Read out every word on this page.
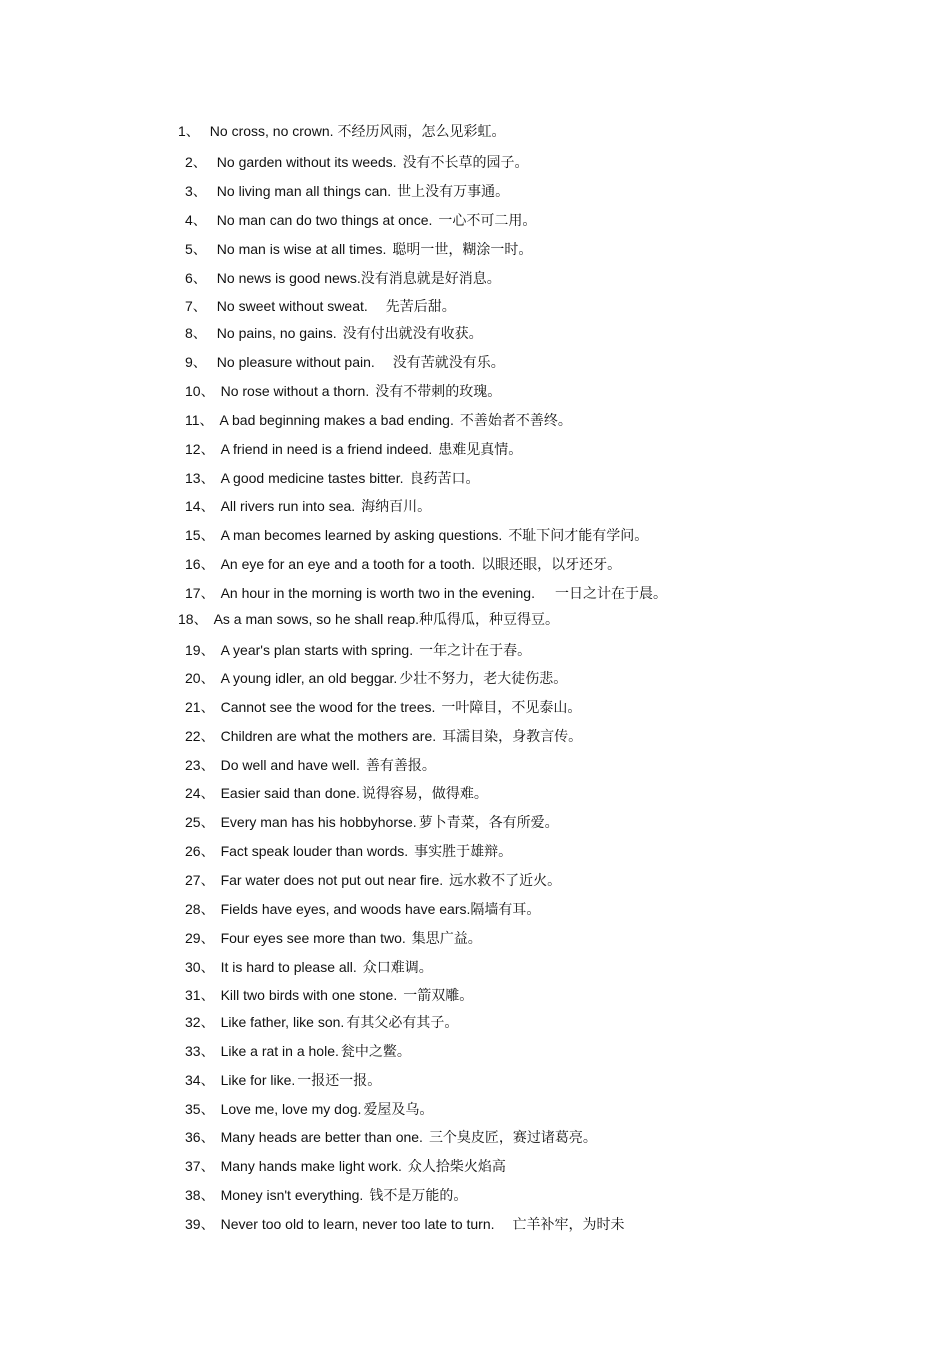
1、 No cross, no crown. 不经历风雨，怎么见彩虹。
2、 No garden without its weeds. 没有不长草的园子。
3、 No living man all things can. 世上没有万事通。
4、 No man can do two things at once. 一心不可二用。
5、 No man is wise at all times. 聪明一世，糊涂一时。
6、 No news is good news.没有消息就是好消息。
7、 No sweet without sweat. 先苦后甜。
8、 No pains, no gains. 没有付出就没有收获。
9、 No pleasure without pain. 没有苦就没有乐。
10、 No rose without a thorn. 没有不带刺的玫瑰。
11、 A bad beginning makes a bad ending. 不善始者不善终。
12、 A friend in need is a friend indeed. 患难见真情。
13、 A good medicine tastes bitter. 良药苦口。
14、 All rivers run into sea. 海纳百川。
15、 A man becomes learned by asking questions. 不耻下问才能有学问。
16、 An eye for an eye and a tooth for a tooth. 以眼还眼，以牙还牙。
17、 An hour in the morning is worth two in the evening. 一日之计在于晨。
18、 As a man sows, so he shall reap.种瓜得瓜，种豆得豆。
19、 A year's plan starts with spring. 一年之计在于春。
20、 A young idler, an old beggar. 少壮不努力，老大徒伤悲。
21、 Cannot see the wood for the trees. 一叶障目，不见泰山。
22、 Children are what the mothers are. 耳濡目染，身教言传。
23、 Do well and have well. 善有善报。
24、 Easier said than done. 说得容易，做得难。
25、 Every man has his hobbyhorse. 萝卜青菜，各有所爱。
26、 Fact speak louder than words. 事实胜于雄辩。
27、 Far water does not put out near fire. 远水救不了近火。
28、 Fields have eyes, and woods have ears.隔墙有耳。
29、 Four eyes see more than two. 集思广益。
30、 It is hard to please all. 众口难调。
31、 Kill two birds with one stone. 一箭双雕。
32、 Like father, like son. 有其父必有其子。
33、 Like a rat in a hole. 瓮中之鳖。
34、 Like for like. 一报还一报。
35、 Love me, love my dog. 爱屋及乌。
36、 Many heads are better than one. 三个臭皮匠，赛过诸葛亮。
37、 Many hands make light work. 众人拾柴火焰高
38、 Money isn't everything. 钱不是万能的。
39、 Never too old to learn, never too late to turn. 亡羊补牢，为时未
